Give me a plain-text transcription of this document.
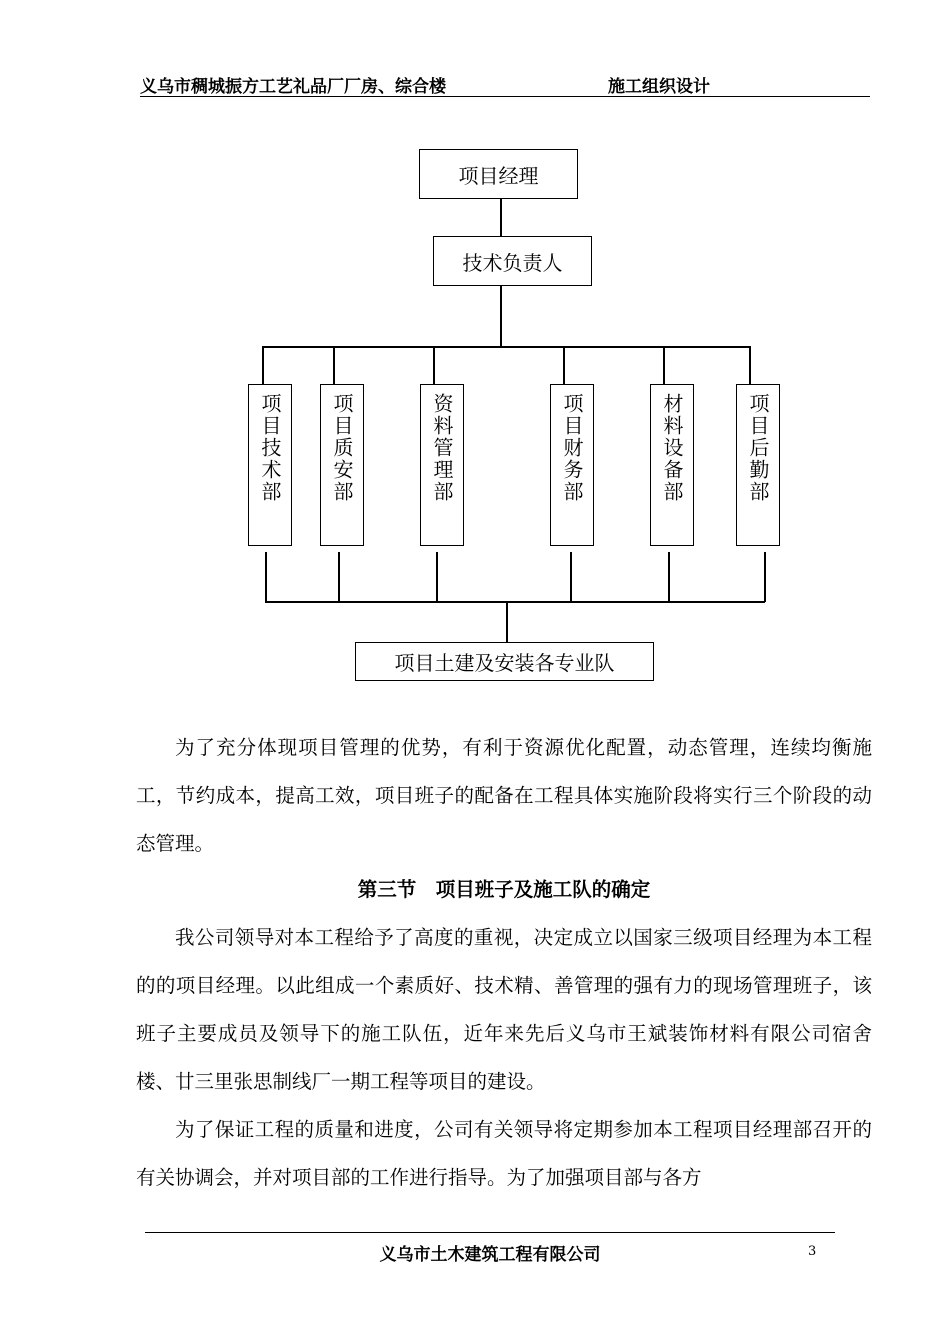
义乌市稠城振方工艺礼品厂厂房、综合楼	施工组织设计
项目经理
技术负责人
项目技术部 项目质安部	资料管理部	项目财务部	材料设备部	项目后勤部
项目土建及安装各专业队

为了充分体现项目管理的优势，有利于资源优化配置，动态管理，连续均衡施工，节约成本，提高工效，项目班子的配备在工程具体实施阶段将实行三个阶段的动态管理。

第三节　项目班子及施工队的确定

我公司领导对本工程给予了高度的重视，决定成立以国家三级项目经理为本工程的的项目经理。以此组成一个素质好、技术精、善管理的强有力的现场管理班子，该班子主要成员及领导下的施工队伍，近年来先后义乌市王斌装饰材料有限公司宿舍楼、廿三里张思制线厂一期工程等项目的建设。

为了保证工程的质量和进度，公司有关领导将定期参加本工程项目经理部召开的有关协调会，并对项目部的工作进行指导。为了加强项目部与各方

义乌市土木建筑工程有限公司	3
